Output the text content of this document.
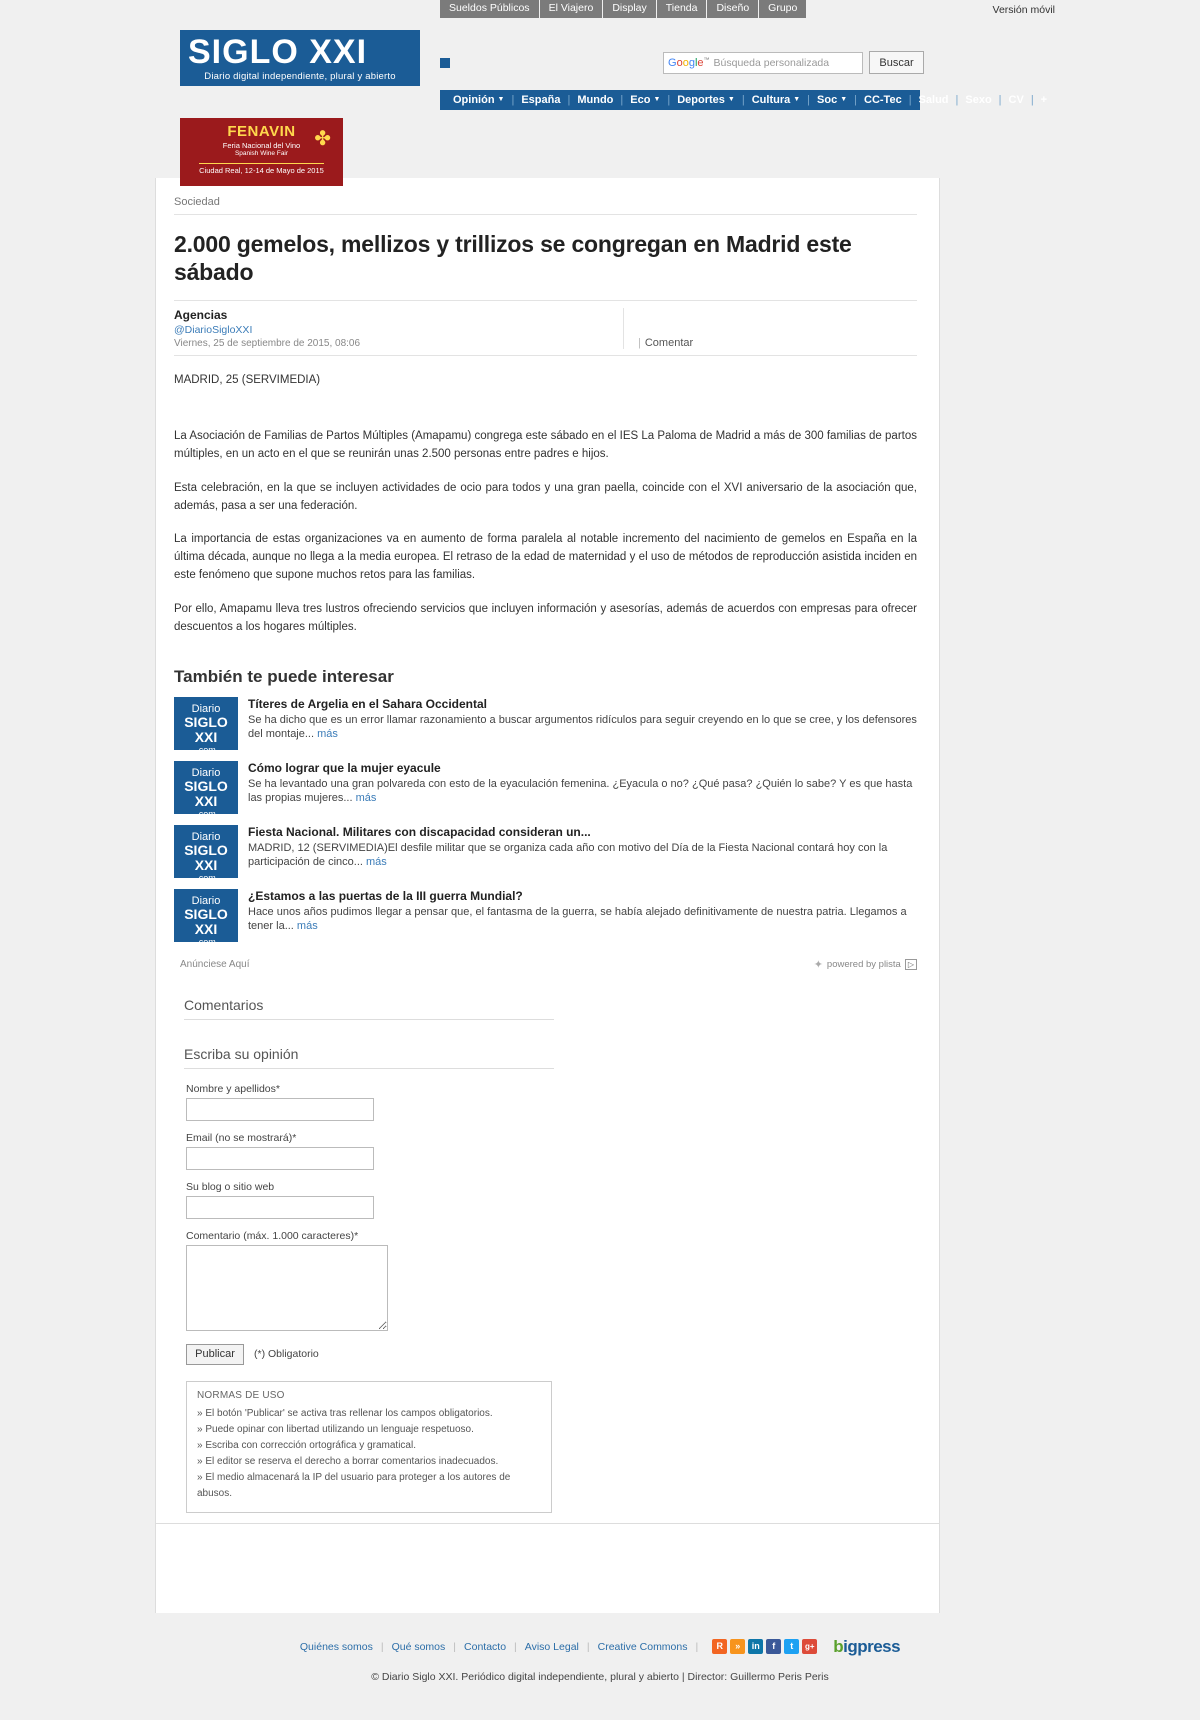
Sueldos Públicos	El Viajero	Display	Tienda	Diseño	Grupo	Versión móvil
SIGLO XXI
Diario digital independiente, plural y abierto
Google™ Búsqueda personalizada	Buscar
Opinión ▼ | España | Mundo | Eco ▼ | Deportes ▼ | Cultura ▼ | Soc ▼ | CC-Tec | Salud | Sexo | CV | +
✤
FENAVIN
Feria Nacional del Vino
Spanish Wine Fair
Ciudad Real, 12-14 de Mayo de 2015
Sociedad
2.000 gemelos, mellizos y trillizos se congregan en Madrid este sábado
Agencias
@DiarioSigloXXI
Viernes, 25 de septiembre de 2015, 08:06	| Comentar
MADRID, 25 (SERVIMEDIA)

La Asociación de Familias de Partos Múltiples (Amapamu) congrega este sábado en el IES La Paloma de Madrid a más de 300 familias de partos múltiples, en un acto en el que se reunirán unas 2.500 personas entre padres e hijos.

Esta celebración, en la que se incluyen actividades de ocio para todos y una gran paella, coincide con el XVI aniversario de la asociación que, además, pasa a ser una federación.

La importancia de estas organizaciones va en aumento de forma paralela al notable incremento del nacimiento de gemelos en España en la última década, aunque no llega a la media europea. El retraso de la edad de maternidad y el uso de métodos de reproducción asistida inciden en este fenómeno que supone muchos retos para las familias.

Por ello, Amapamu lleva tres lustros ofreciendo servicios que incluyen información y asesorías, además de acuerdos con empresas para ofrecer descuentos a los hogares múltiples.

También te puede interesar
Diario
SIGLO XXI
.com
Títeres de Argelia en el Sahara Occidental
Se ha dicho que es un error llamar razonamiento a buscar argumentos ridículos para seguir creyendo en lo que se cree, y los defensores del montaje... más
Diario
SIGLO XXI
.com
Cómo lograr que la mujer eyacule
Se ha levantado una gran polvareda con esto de la eyaculación femenina. ¿Eyacula o no? ¿Qué pasa? ¿Quién lo sabe? Y es que hasta las propias mujeres... más
Diario
SIGLO XXI
.com
Fiesta Nacional. Militares con discapacidad consideran un...
MADRID, 12 (SERVIMEDIA)El desfile militar que se organiza cada año con motivo del Día de la Fiesta Nacional contará hoy con la participación de cinco... más
Diario
SIGLO XXI
.com
¿Estamos a las puertas de la III guerra Mundial?
Hace unos años pudimos llegar a pensar que, el fantasma de la guerra, se había alejado definitivamente de nuestra patria. Llegamos a tener la... más
Anúnciese Aquí	✦ powered by plista ▷
Comentarios
Escriba su opinión
Nombre y apellidos*
Email (no se mostrará)*
Su blog o sitio web
Comentario (máx. 1.000 caracteres)*
Publicar	(*) Obligatorio
NORMAS DE USO
» El botón 'Publicar' se activa tras rellenar los campos obligatorios.
» Puede opinar con libertad utilizando un lenguaje respetuoso.
» Escriba con corrección ortográfica y gramatical.
» El editor se reserva el derecho a borrar comentarios inadecuados.
» El medio almacenará la IP del usuario para proteger a los autores de abusos.
Quiénes somos | Qué somos | Contacto | Aviso Legal | Creative Commons |	R	»	in	f	t	g+ bigpress
© Diario Siglo XXI. Periódico digital independiente, plural y abierto | Director: Guillermo Peris Peris
